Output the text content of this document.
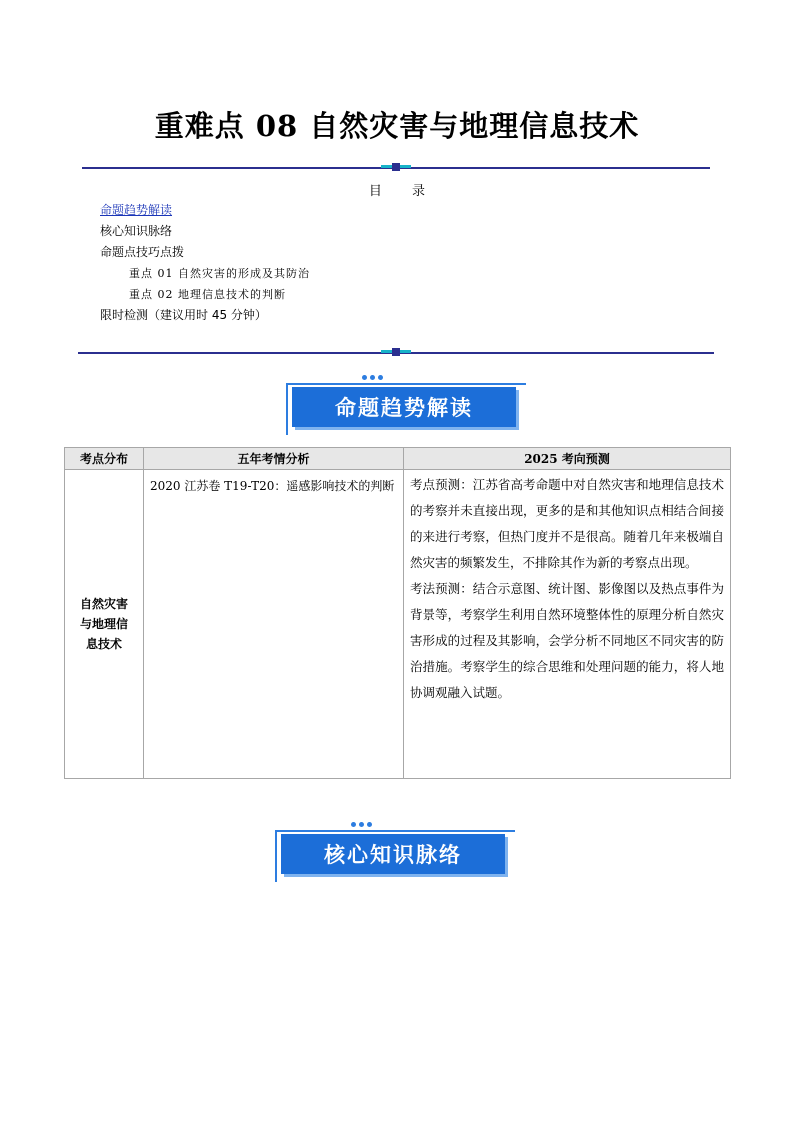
重难点 08 自然灾害与地理信息技术
目 录
命题趋势解读
核心知识脉络
命题点技巧点拨
重点 01 自然灾害的形成及其防治
重点 02 地理信息技术的判断
限时检测（建议用时 45 分钟）
命题趋势解读
考点分布	五年考情分析	2025 考向预测
自然灾害与地理信息技术	2020 江苏卷 T19-T20：遥感影响技术的判断	考点预测：江苏省高考命题中对自然灾害和地理信息技术的考察并未直接出现，更多的是和其他知识点相结合间接的来进行考察，但热门度并不是很高。随着几年来极端自然灾害的频繁发生，不排除其作为新的考察点出现。
考法预测：结合示意图、统计图、影像图以及热点事件为背景等，考察学生利用自然环境整体性的原理分析自然灾害形成的过程及其影响，会学分析不同地区不同灾害的防治措施。考察学生的综合思维和处理问题的能力，将人地协调观融入试题。
核心知识脉络
